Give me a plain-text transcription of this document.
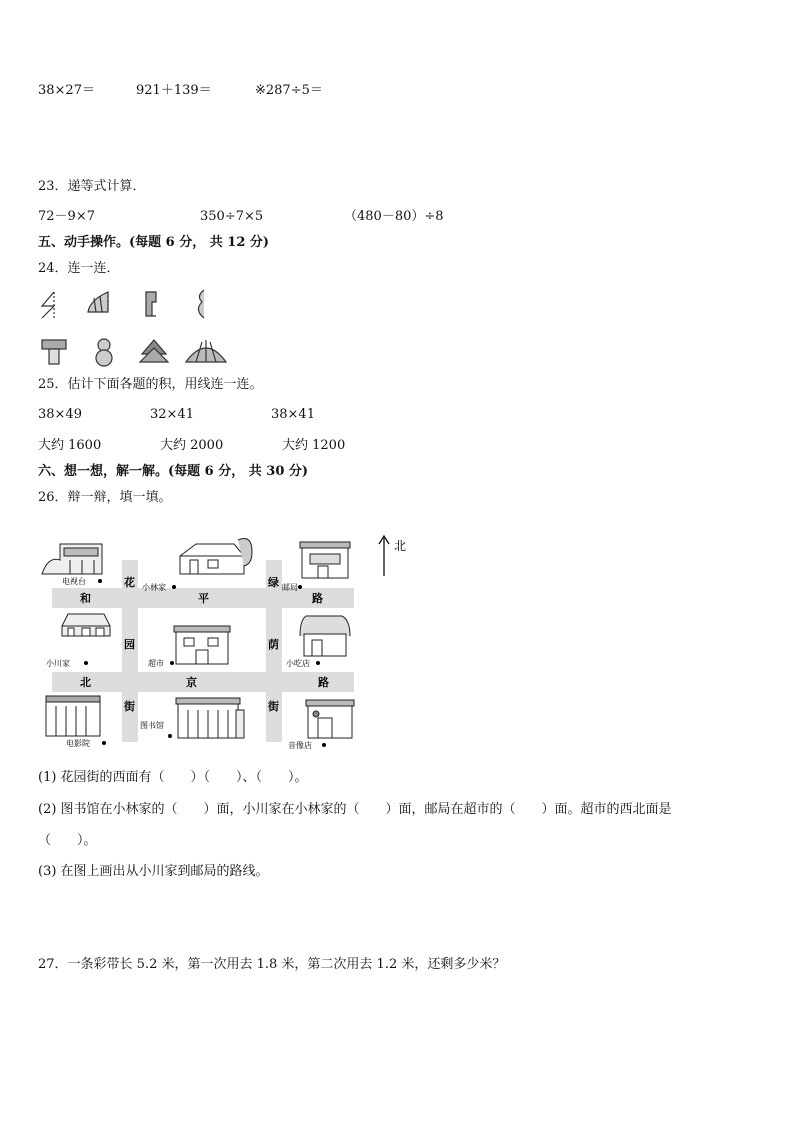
38×27＝	921＋139＝	※287÷5＝
23．递等式计算．
72－9×7	350÷7×5	（480－80）÷8
五、动手操作。(每题 6 分， 共 12 分)
24．连一连．
25．估计下面各题的积，用线连一连。
38×49	32×41	38×41
大约 1600	大约 2000	大约 1200
六、想一想，解一解。(每题 6 分， 共 30 分)
26．辩一辩，填一填。
和	平	路
北	京	路
花
园
街
绿
荫
街
北
电视台
小林家	邮局
小川家	超市	小吃店
电影院
图书馆
音像店
(1) 花园街的西面有（　　）（　　）、（　　）。
(2) 图书馆在小林家的（　　）面，小川家在小林家的（　　）面，邮局在超市的（　　）面。超市的西北面是
（　　）。
(3) 在图上画出从小川家到邮局的路线。
27．一条彩带长 5.2 米，第一次用去 1.8 米，第二次用去 1.2 米，还剩多少米？
